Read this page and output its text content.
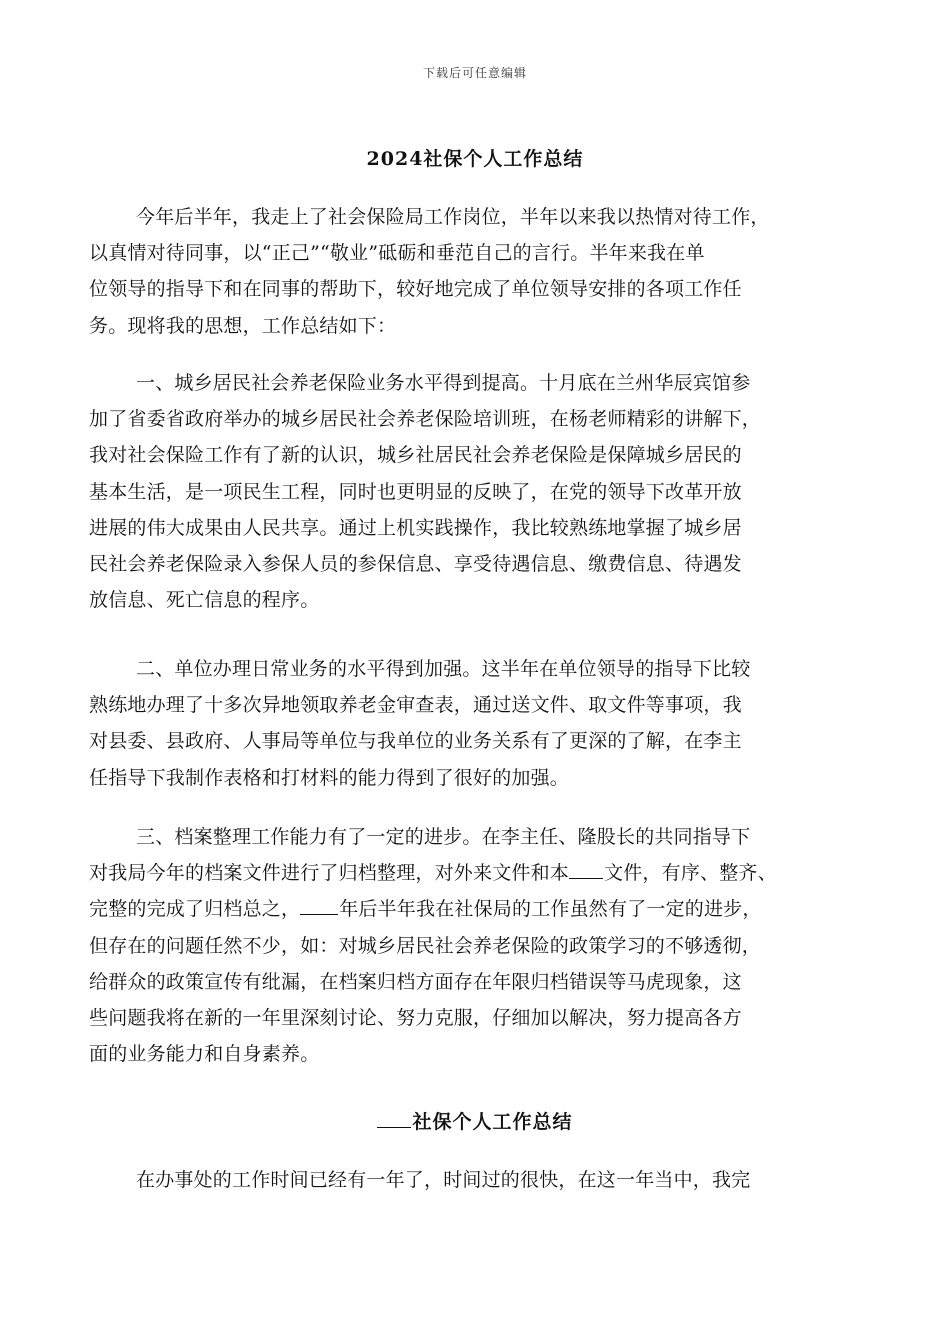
下载后可任意编辑
2024社保个人工作总结
今年后半年，我走上了社会保险局工作岗位，半年以来我以热情对待工作，
以真情对待同事，以“正己”“敬业”砥砺和垂范自己的言行。半年来我在单
位领导的指导下和在同事的帮助下，较好地完成了单位领导安排的各项工作任
务。现将我的思想，工作总结如下：
一、城乡居民社会养老保险业务水平得到提高。十月底在兰州华辰宾馆参
加了省委省政府举办的城乡居民社会养老保险培训班，在杨老师精彩的讲解下，
我对社会保险工作有了新的认识，城乡社居民社会养老保险是保障城乡居民的
基本生活，是一项民生工程，同时也更明显的反映了，在党的领导下改革开放
进展的伟大成果由人民共享。通过上机实践操作，我比较熟练地掌握了城乡居
民社会养老保险录入参保人员的参保信息、享受待遇信息、缴费信息、待遇发
放信息、死亡信息的程序。
二、单位办理日常业务的水平得到加强。这半年在单位领导的指导下比较
熟练地办理了十多次异地领取养老金审查表，通过送文件、取文件等事项，我
对县委、县政府、人事局等单位与我单位的业务关系有了更深的了解，在李主
任指导下我制作表格和打材料的能力得到了很好的加强。
三、档案整理工作能力有了一定的进步。在李主任、隆股长的共同指导下
对我局今年的档案文件进行了归档整理，对外来文件和本 文件，有序、整齐、
完整的完成了归档总之， 年后半年我在社保局的工作虽然有了一定的进步，
但存在的问题任然不少，如：对城乡居民社会养老保险的政策学习的不够透彻，
给群众的政策宣传有纰漏，在档案归档方面存在年限归档错误等马虎现象，这
些问题我将在新的一年里深刻讨论、努力克服，仔细加以解决，努力提高各方
面的业务能力和自身素养。
社保个人工作总结
在办事处的工作时间已经有一年了，时间过的很快，在这一年当中，我完
